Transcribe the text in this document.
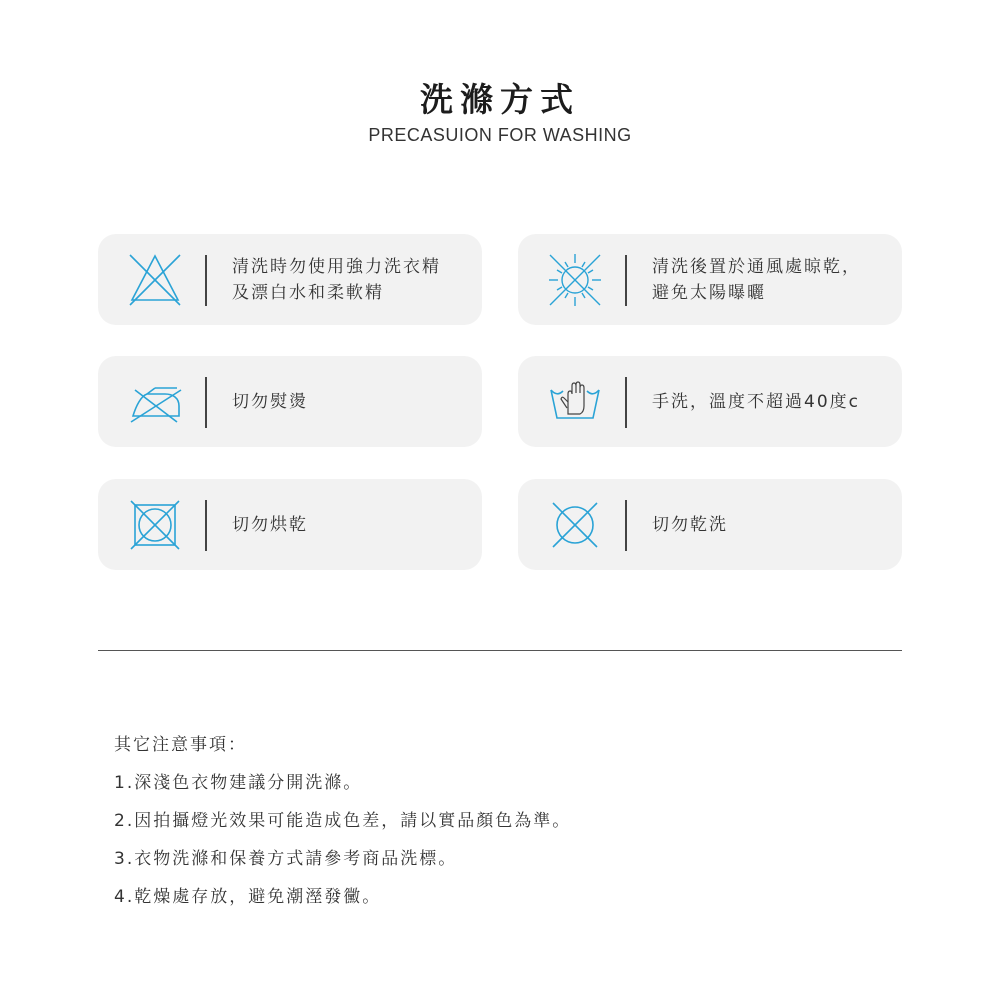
洗滌方式
PRECASUION FOR WASHING
清洗時勿使用強力洗衣精
及漂白水和柔軟精
清洗後置於通風處晾乾，
避免太陽曝曬
切勿熨燙	手洗，溫度不超過40度c
切勿烘乾	切勿乾洗
其它注意事項：
1.深淺色衣物建議分開洗滌。
2.因拍攝燈光效果可能造成色差，請以實品顏色為準。
3.衣物洗滌和保養方式請參考商品洗標。
4.乾燥處存放，避免潮溼發黴。
